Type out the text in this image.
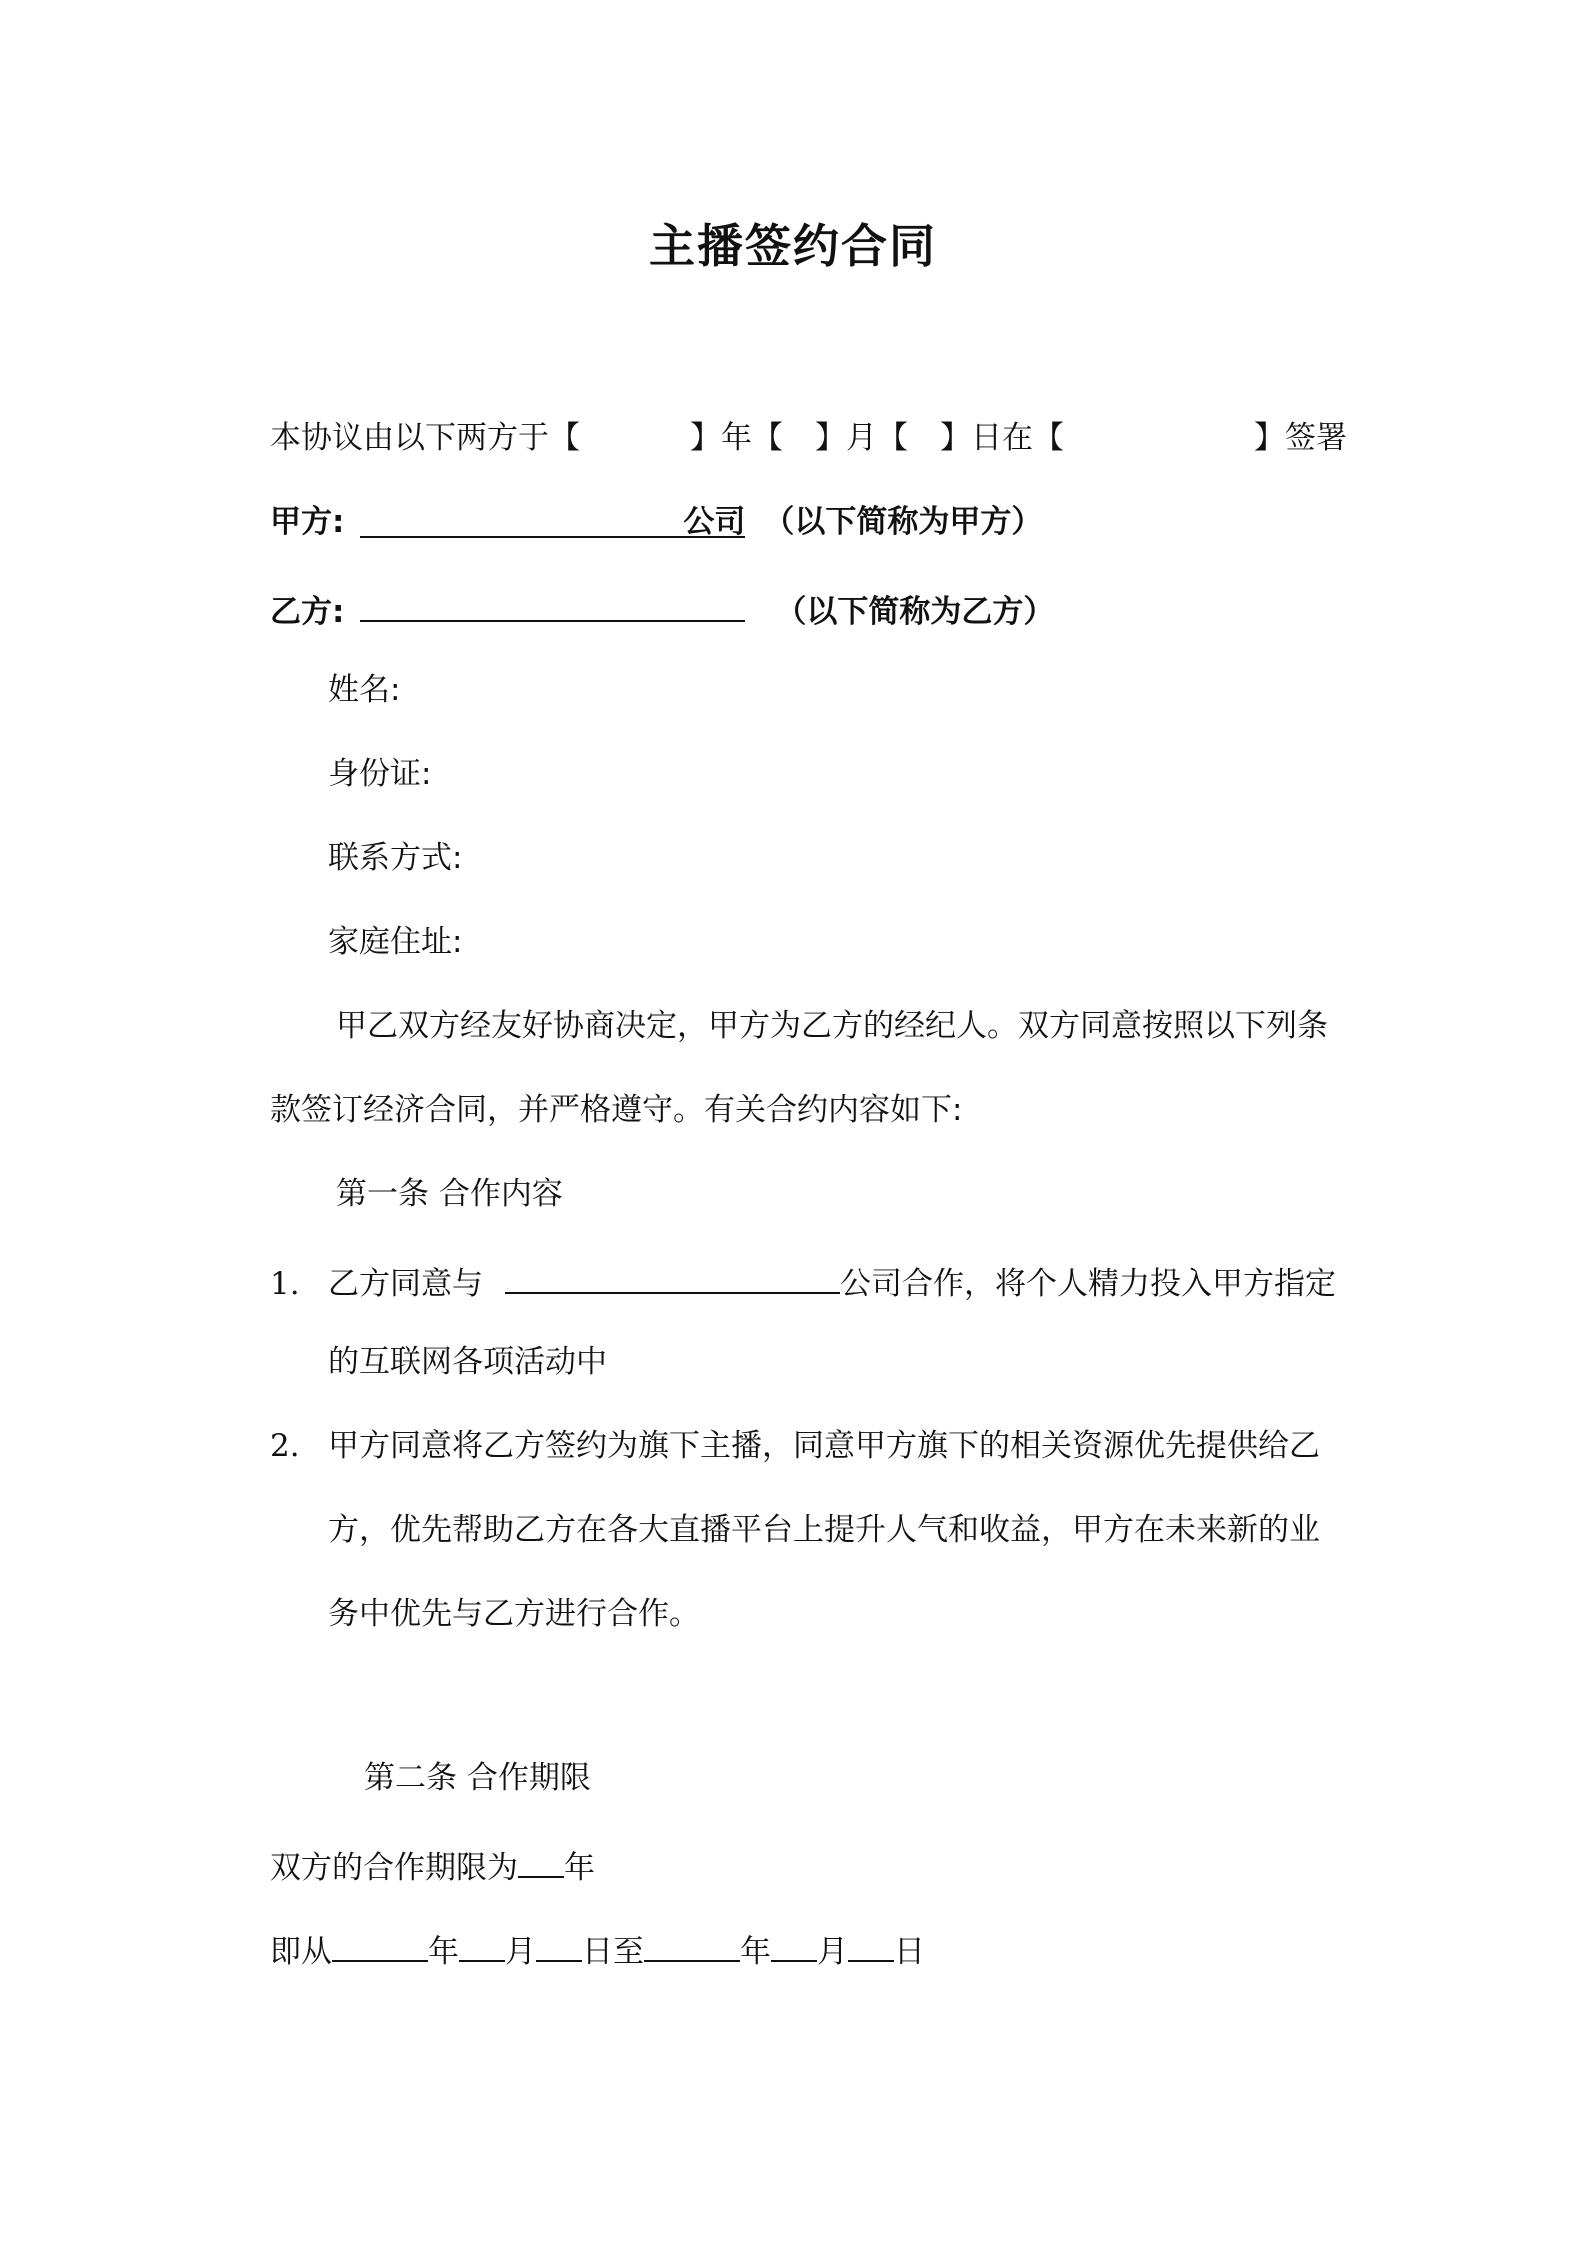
主播签约合同
本协议由以下两方于【	】年【 】月【 】日在【	】签署
甲方:	公司 （以下简称为甲方）
乙方:	（以下简称为乙方）
姓名:
身份证:
联系方式:
家庭住址:
甲乙双方经友好协商决定，甲方为乙方的经纪人。双方同意按照以下列条
款签订经济合同，并严格遵守。有关合约内容如下:
第一条 合作内容
1. 乙方同意与	公司合作，将个人精力投入甲方指定
的互联网各项活动中
2. 甲方同意将乙方签约为旗下主播，同意甲方旗下的相关资源优先提供给乙
方，优先帮助乙方在各大直播平台上提升人气和收益，甲方在未来新的业
务中优先与乙方进行合作。
第二条 合作期限
双方的合作期限为 年
即从	年 月 日至	年 月 日
